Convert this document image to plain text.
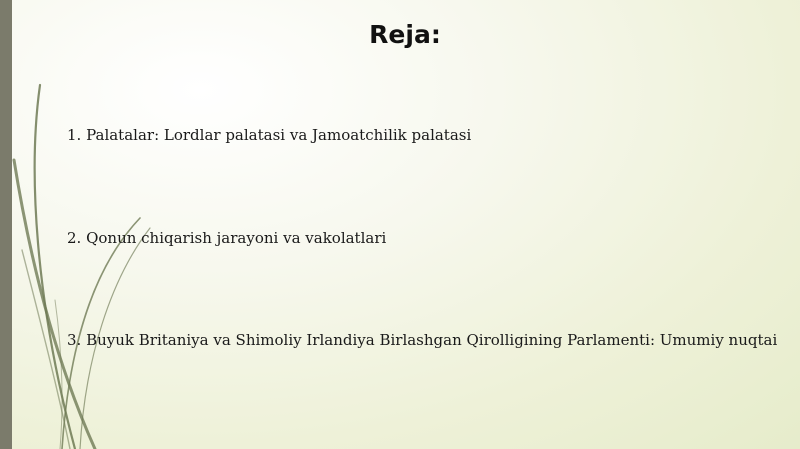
Reja:
1. Palatalar: Lordlar palatasi va Jamoatchilik palatasi
2. Qonun chiqarish jarayoni va vakolatlari
3. Buyuk Britaniya va Shimoliy Irlandiya Birlashgan Qirolligining Parlamenti: Umumiy nuqtai
